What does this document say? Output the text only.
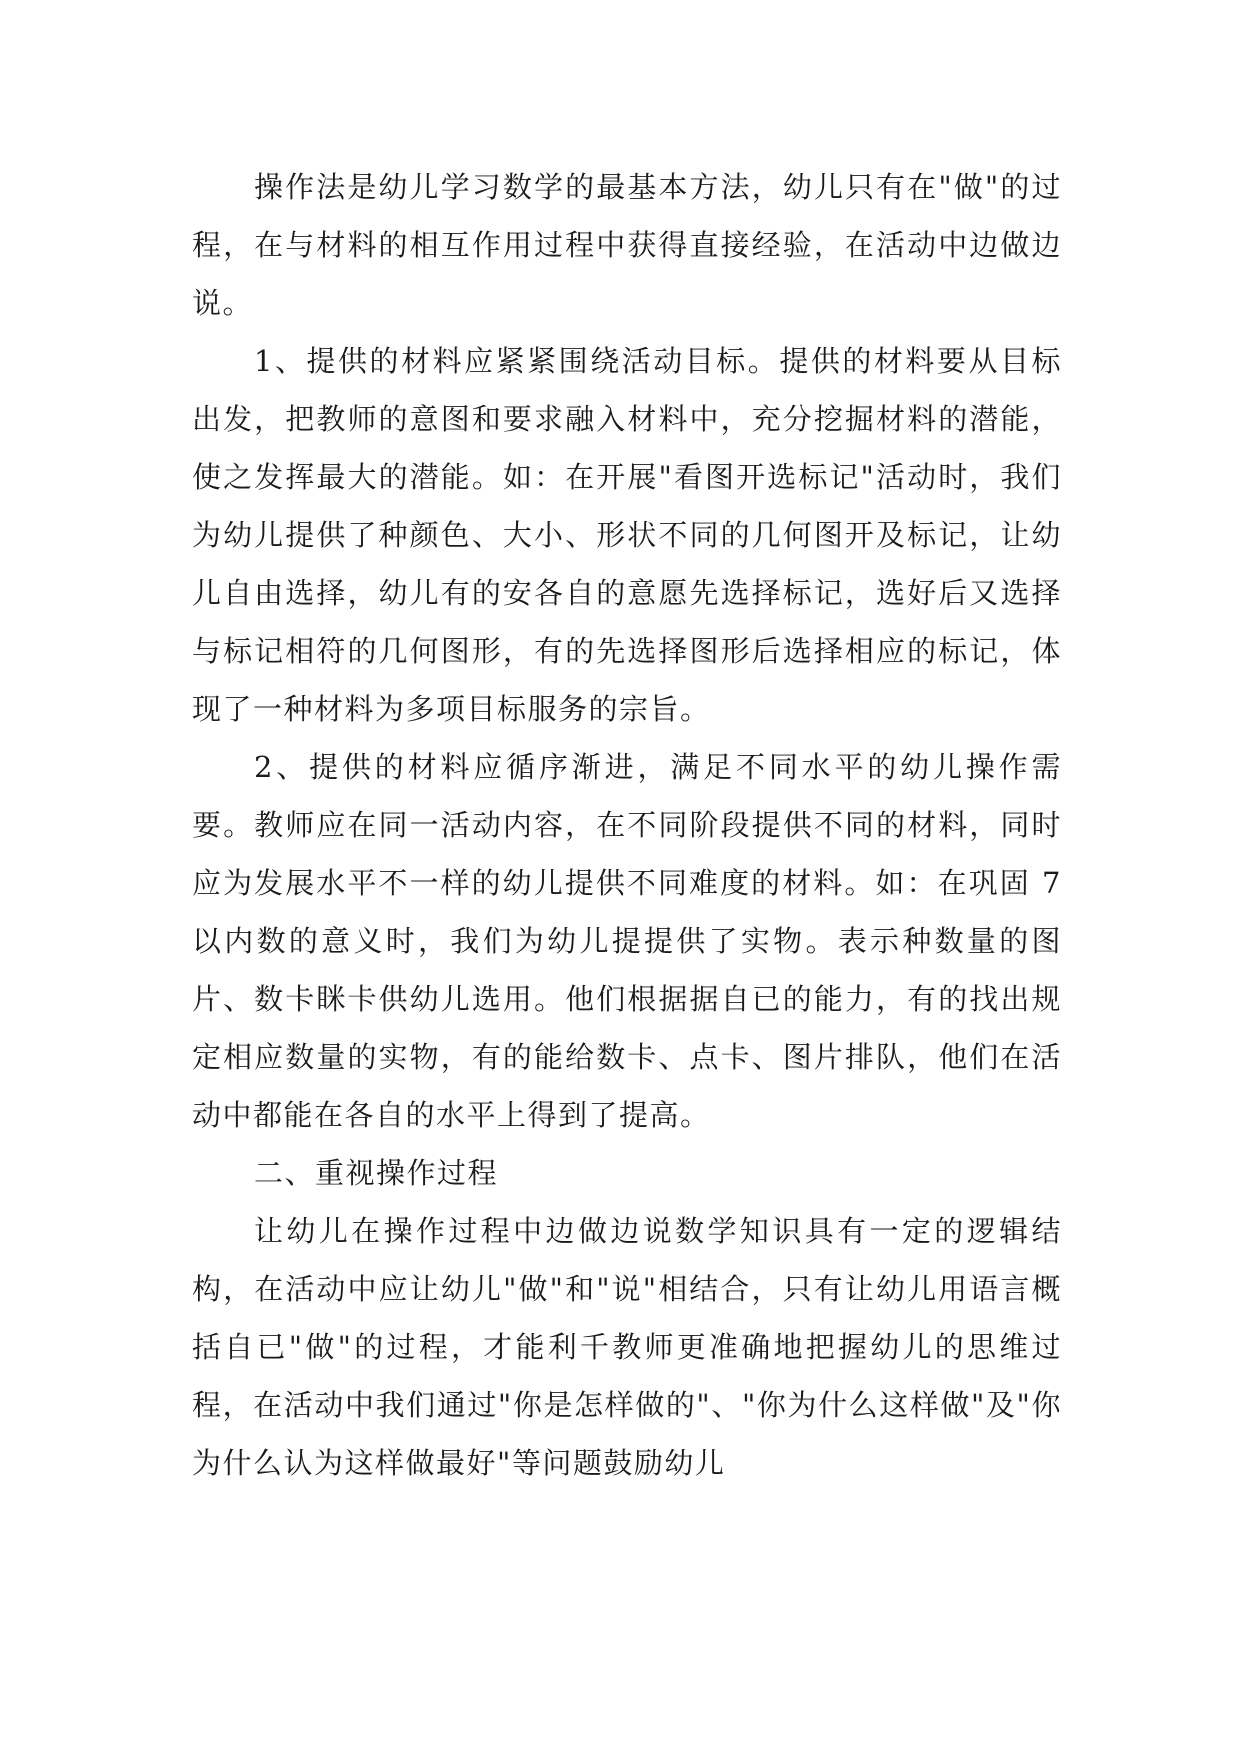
操作法是幼儿学习数学的最基本方法，幼儿只有在"做"的过程，在与材料的相互作用过程中获得直接经验，在活动中边做边说。

1、提供的材料应紧紧围绕活动目标。提供的材料要从目标出发，把教师的意图和要求融入材料中，充分挖掘材料的潜能，使之发挥最大的潜能。如：在开展"看图开选标记"活动时，我们为幼儿提供了种颜色、大小、形状不同的几何图开及标记，让幼儿自由选择，幼儿有的安各自的意愿先选择标记，选好后又选择与标记相符的几何图形，有的先选择图形后选择相应的标记，体现了一种材料为多项目标服务的宗旨。

2、提供的材料应循序渐进，满足不同水平的幼儿操作需要。教师应在同一活动内容，在不同阶段提供不同的材料，同时应为发展水平不一样的幼儿提供不同难度的材料。如：在巩固 7 以内数的意义时，我们为幼儿提提供了实物。表示种数量的图片、数卡眯卡供幼儿选用。他们根据据自已的能力，有的找出规定相应数量的实物，有的能给数卡、点卡、图片排队，他们在活动中都能在各自的水平上得到了提高。

二、重视操作过程

让幼儿在操作过程中边做边说数学知识具有一定的逻辑结构，在活动中应让幼儿"做"和"说"相结合，只有让幼儿用语言概括自已"做"的过程，才能利千教师更准确地把握幼儿的思维过程，在活动中我们通过"你是怎样做的"、"你为什么这样做"及"你为什么认为这样做最好"等问题鼓励幼儿
